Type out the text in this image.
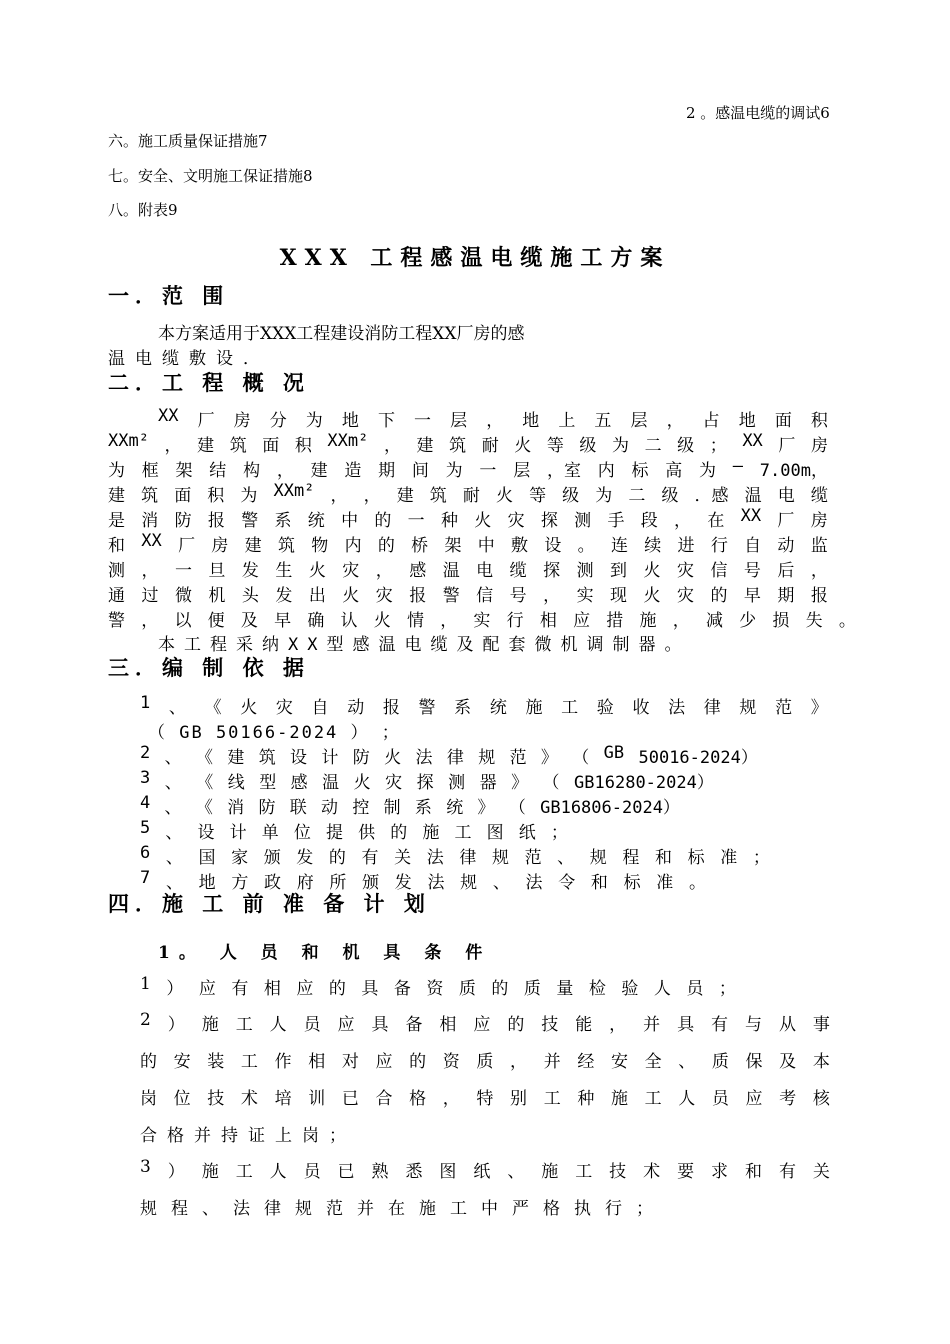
2 。感温电缆的调试6
六。施工质量保证措施7
七。安全、文明施工保证措施8
八。附表9
XXX 工程感温电缆施工方案
一．范 围
本方案适用于XXX工程建设消防工程XX厂房的感
温电缆敷设．
二．工 程 概 况
XX 厂 房 分 为 地 下 一 层 ， 地 上 五 层 ， 占 地 面 积
XXm² ， 建 筑 面 积 XXm² ， 建 筑 耐 火 等 级 为 二 级 ； XX 厂 房
为 框 架 结 构 ， 建 造 期 间 为 一 层 ，室 内 标 高 为 — 7.00m，
建 筑 面 积 为 XXm² ， ， 建 筑 耐 火 等 级 为 二 级 ．感 温 电 缆
是 消 防 报 警 系 统 中 的 一 种 火 灾 探 测 手 段 ， 在 XX 厂 房
和 XX 厂 房 建 筑 物 内 的 桥 架 中 敷 设 。 连 续 进 行 自 动 监
测 ， 一 旦 发 生 火 灾 ， 感 温 电 缆 探 测 到 火 灾 信 号 后 ，
通 过 微 机 头 发 出 火 灾 报 警 信 号 ， 实 现 火 灾 的 早 期 报
警 ， 以 便 及 早 确 认 火 情 ， 实 行 相 应 措 施 ， 减 少 损 失 。
本工程采纳XX型感温电缆及配套微机调制器。
三．编 制 依 据
1 、 《 火 灾 自 动 报 警 系 统 施 工 验 收 法 律 规 范 》
（ GB 50166-2024 ） ；
2 、 《 建 筑 设 计 防 火 法 律 规 范 》 （ GB 50016-2024）
3 、 《 线 型 感 温 火 灾 探 测 器 》 （ GB16280-2024）
4 、 《 消 防 联 动 控 制 系 统 》 （ GB16806-2024）
5 、 设 计 单 位 提 供 的 施 工 图 纸 ；
6 、 国 家 颁 发 的 有 关 法 律 规 范 、 规 程 和 标 准 ；
7 、 地 方 政 府 所 颁 发 法 规 、 法 令 和 标 准 。
四．施 工 前 准 备 计 划
1。 人 员 和 机 具 条 件
1 ） 应 有 相 应 的 具 备 资 质 的 质 量 检 验 人 员 ；
2 ） 施 工 人 员 应 具 备 相 应 的 技 能 ， 并 具 有 与 从 事
的 安 装 工 作 相 对 应 的 资 质 ， 并 经 安 全 、 质 保 及 本
岗 位 技 术 培 训 已 合 格 ， 特 别 工 种 施 工 人 员 应 考 核
合格并持证上岗；
3 ） 施 工 人 员 已 熟 悉 图 纸 、 施 工 技 术 要 求 和 有 关
规程、法律规范并在施工中严格执行；
